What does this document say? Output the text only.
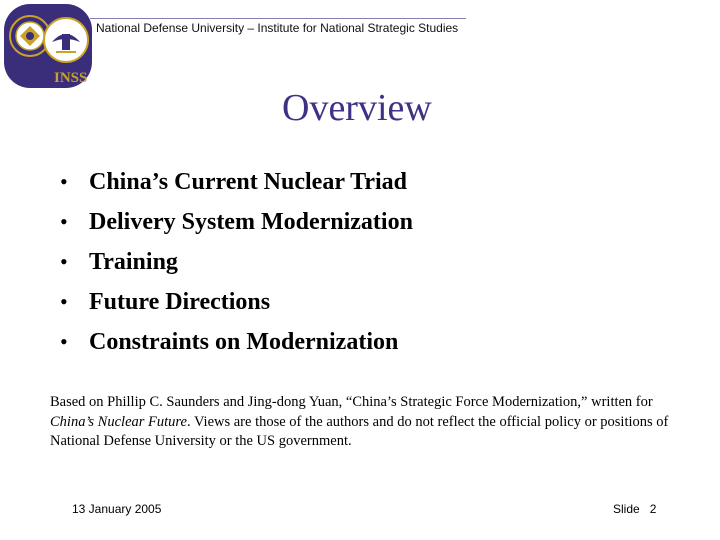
INSS
National Defense University – Institute for National Strategic Studies
Overview
• China’s Current Nuclear Triad
• Delivery System Modernization
• Training
• Future Directions
• Constraints on Modernization
Based on Phillip C. Saunders and Jing-dong Yuan, “China’s Strategic Force Modernization,” written for China’s Nuclear Future. Views are those of the authors and do not reflect the official policy or positions of National Defense University or the US government.
13 January 2005	Slide 2
